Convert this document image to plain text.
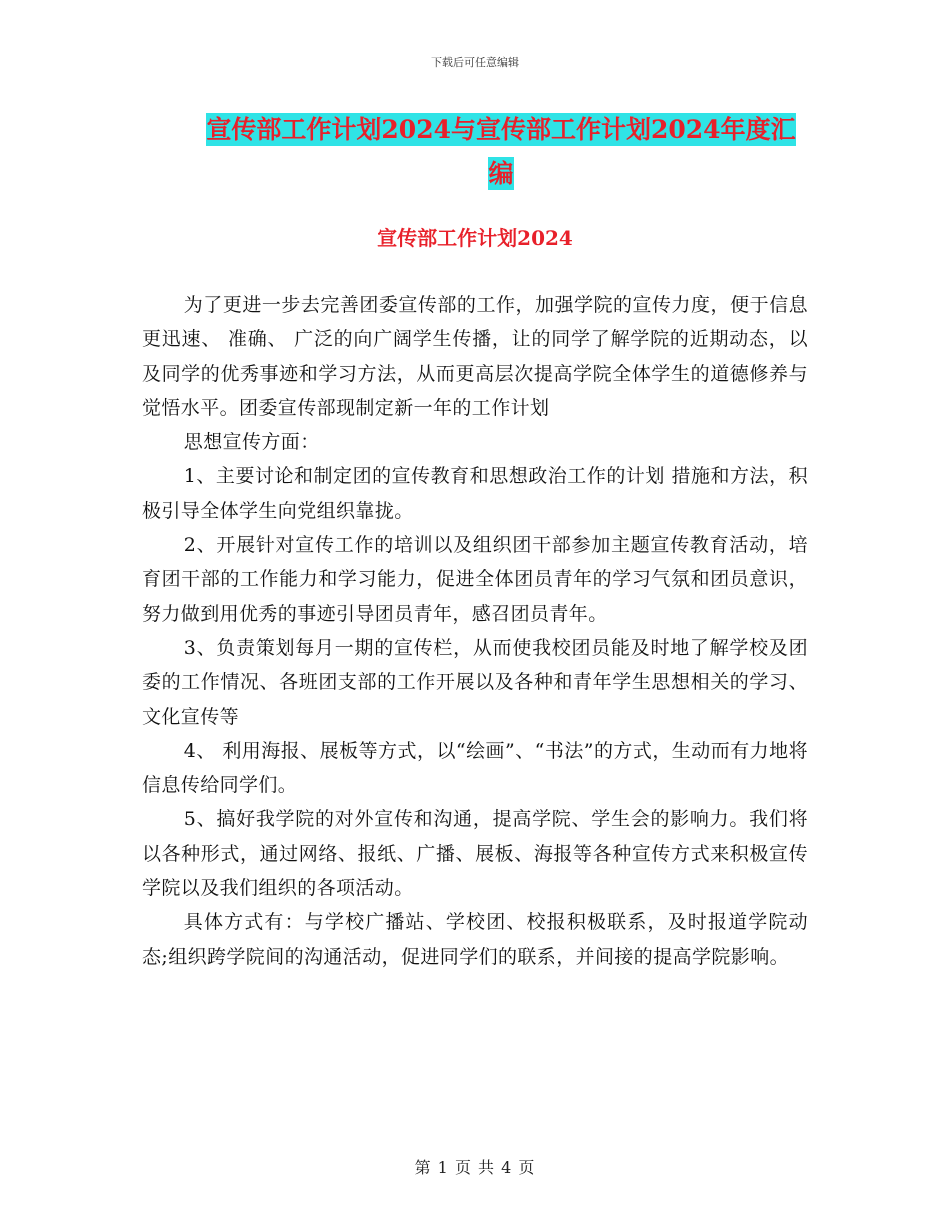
下载后可任意编辑
宣传部工作计划2024与宣传部工作计划2024年度汇编
宣传部工作计划2024

为了更进一步去完善团委宣传部的工作，加强学院的宣传力度，便于信息更迅速、 准确、 广泛的向广阔学生传播，让的同学了解学院的近期动态，以及同学的优秀事迹和学习方法，从而更高层次提高学院全体学生的道德修养与觉悟水平。团委宣传部现制定新一年的工作计划

思想宣传方面：

1、主要讨论和制定团的宣传教育和思想政治工作的计划 措施和方法，积极引导全体学生向党组织靠拢。

2、开展针对宣传工作的培训以及组织团干部参加主题宣传教育活动，培育团干部的工作能力和学习能力，促进全体团员青年的学习气氛和团员意识，努力做到用优秀的事迹引导团员青年，感召团员青年。

3、负责策划每月一期的宣传栏，从而使我校团员能及时地了解学校及团委的工作情况、各班团支部的工作开展以及各种和青年学生思想相关的学习、文化宣传等

4、 利用海报、展板等方式，以“绘画”、“书法”的方式，生动而有力地将信息传给同学们。

5、搞好我学院的对外宣传和沟通，提高学院、学生会的影响力。我们将以各种形式，通过网络、报纸、广播、展板、海报等各种宣传方式来积极宣传学院以及我们组织的各项活动。

具体方式有：与学校广播站、学校团、校报积极联系，及时报道学院动态;组织跨学院间的沟通活动，促进同学们的联系，并间接的提高学院影响。

第 1 页 共 4 页
